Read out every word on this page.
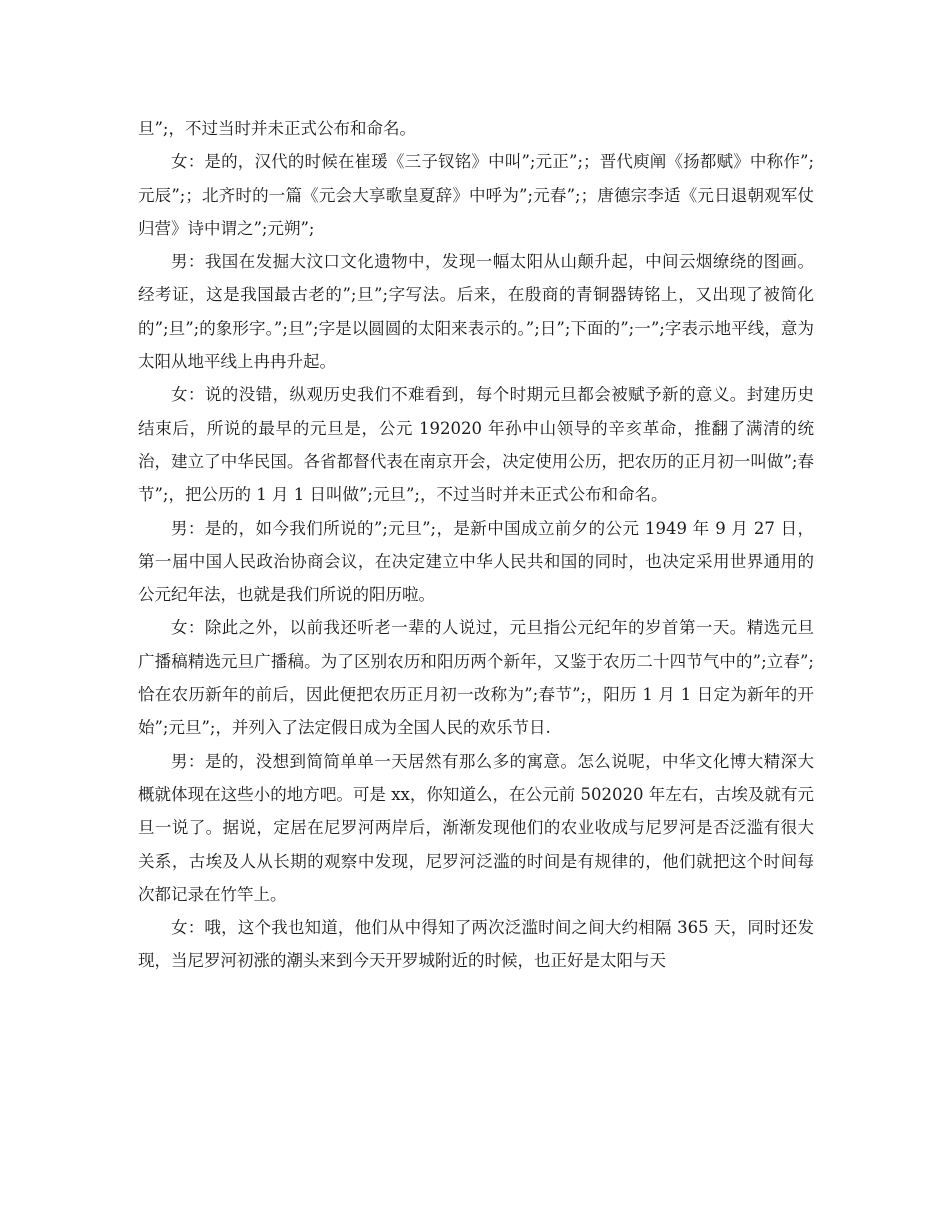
旦”;，不过当时并未正式公布和命名。

女：是的，汉代的时候在崔瑗《三子钗铭》中叫”;元正”;；晋代庾阐《扬都赋》中称作”;元辰”;；北齐时的一篇《元会大享歌皇夏辞》中呼为”;元春”;；唐德宗李适《元日退朝观军仗归营》诗中谓之”;元朔”;

男：我国在发掘大汶口文化遗物中，发现一幅太阳从山颠升起，中间云烟缭绕的图画。经考证，这是我国最古老的”;旦”;字写法。后来，在殷商的青铜器铸铭上，又出现了被简化的”;旦”;的象形字。”;旦”;字是以圆圆的太阳来表示的。”;日”;下面的”;一”;字表示地平线，意为太阳从地平线上冉冉升起。

女：说的没错，纵观历史我们不难看到，每个时期元旦都会被赋予新的意义。封建历史结束后，所说的最早的元旦是，公元 192020 年孙中山领导的辛亥革命，推翻了满清的统治，建立了中华民国。各省都督代表在南京开会，决定使用公历，把农历的正月初一叫做”;春节”;，把公历的 1 月 1 日叫做”;元旦”;，不过当时并未正式公布和命名。

男：是的，如今我们所说的”;元旦”;，是新中国成立前夕的公元 1949 年 9 月 27 日，第一届中国人民政治协商会议，在决定建立中华人民共和国的同时，也决定采用世界通用的公元纪年法，也就是我们所说的阳历啦。

女：除此之外，以前我还听老一辈的人说过，元旦指公元纪年的岁首第一天。精选元旦广播稿精选元旦广播稿。为了区别农历和阳历两个新年，又鉴于农历二十四节气中的”;立春”;恰在农历新年的前后，因此便把农历正月初一改称为”;春节”;，阳历 1 月 1 日定为新年的开始”;元旦”;，并列入了法定假日成为全国人民的欢乐节日.

男：是的，没想到简简单单一天居然有那么多的寓意。怎么说呢，中华文化博大精深大概就体现在这些小的地方吧。可是 xx，你知道么，在公元前 502020 年左右，古埃及就有元旦一说了。据说，定居在尼罗河两岸后，渐渐发现他们的农业收成与尼罗河是否泛滥有很大关系，古埃及人从长期的观察中发现，尼罗河泛滥的时间是有规律的，他们就把这个时间每次都记录在竹竿上。

女：哦，这个我也知道，他们从中得知了两次泛滥时间之间大约相隔 365 天，同时还发现，当尼罗河初涨的潮头来到今天开罗城附近的时候，也正好是太阳与天
